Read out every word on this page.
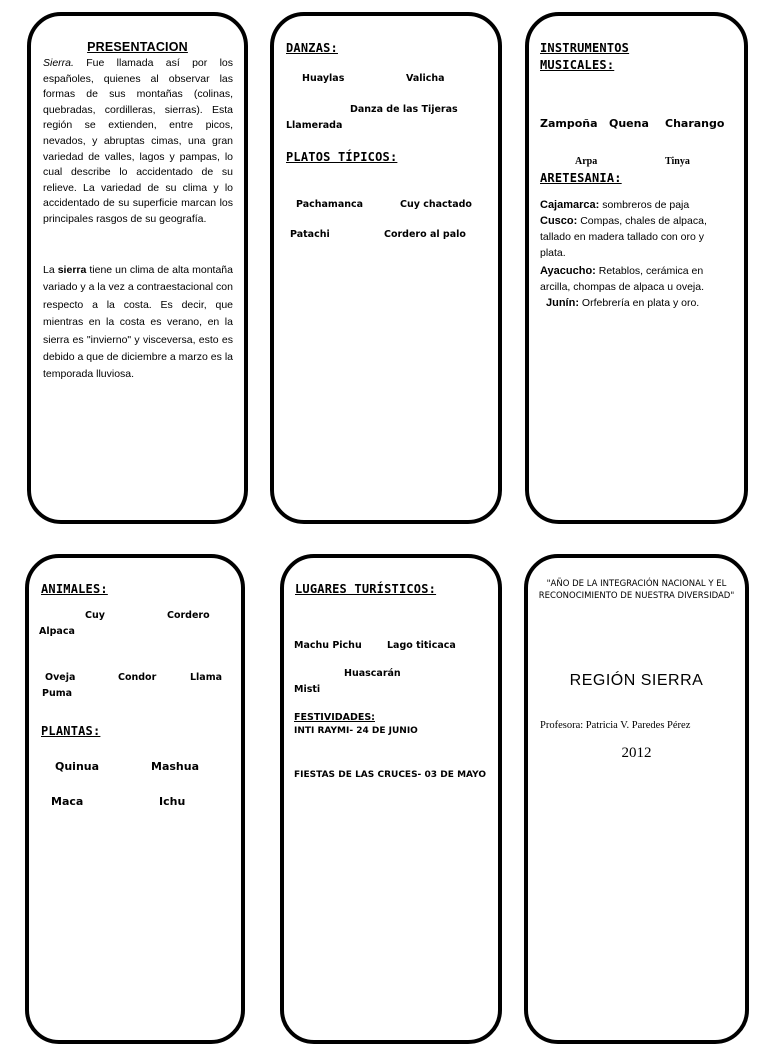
PRESENTACION

Sierra. Fue llamada así por los españoles, quienes al observar las formas de sus montañas (colinas, quebradas, cordilleras, sierras). Esta región se extienden, entre picos, nevados, y abruptas cimas, una gran variedad de valles, lagos y pampas, lo cual describe lo accidentado de su relieve. La variedad de su clima y lo accidentado de su superficie marcan los principales rasgos de su geografía.

La sierra tiene un clima de alta montaña variado y a la vez a contraestacional con respecto a la costa. Es decir, que mientras en la costa es verano, en la sierra es "invierno" y visceversa, esto es debido a que de diciembre a marzo es la temporada lluviosa.

DANZAS:
Huaylas	Valicha
Danza de las Tijeras
Llamerada
PLATOS TÍPICOS:
Pachamanca	Cuy chactado
Patachi	Cordero al palo
INSTRUMENTOS
MUSICALES:
Zampoña Quena Charango
Arpa	Tinya
ARETESANIA:
Cajamarca: sombreros de paja
Cusco: Compas, chales de alpaca, tallado en madera tallado con oro y plata.
Ayacucho: Retablos, cerámica en arcilla, chompas de alpaca u oveja.
Junín: Orfebrería en plata y oro.
ANIMALES:
Cuy	Cordero
Alpaca
Oveja	Condor	Llama
Puma
PLANTAS:
Quinua	Mashua
Maca	Ichu
LUGARES TURÍSTICOS:
Machu Pichu	Lago titicaca
Huascarán
Misti
FESTIVIDADES:
INTI RAYMI- 24 DE JUNIO
FIESTAS DE LAS CRUCES- 03 DE MAYO
"AÑO DE LA INTEGRACIÓN NACIONAL Y EL RECONOCIMIENTO DE NUESTRA DIVERSIDAD"
REGIÓN SIERRA
Profesora: Patricia V. Paredes Pérez
2012
